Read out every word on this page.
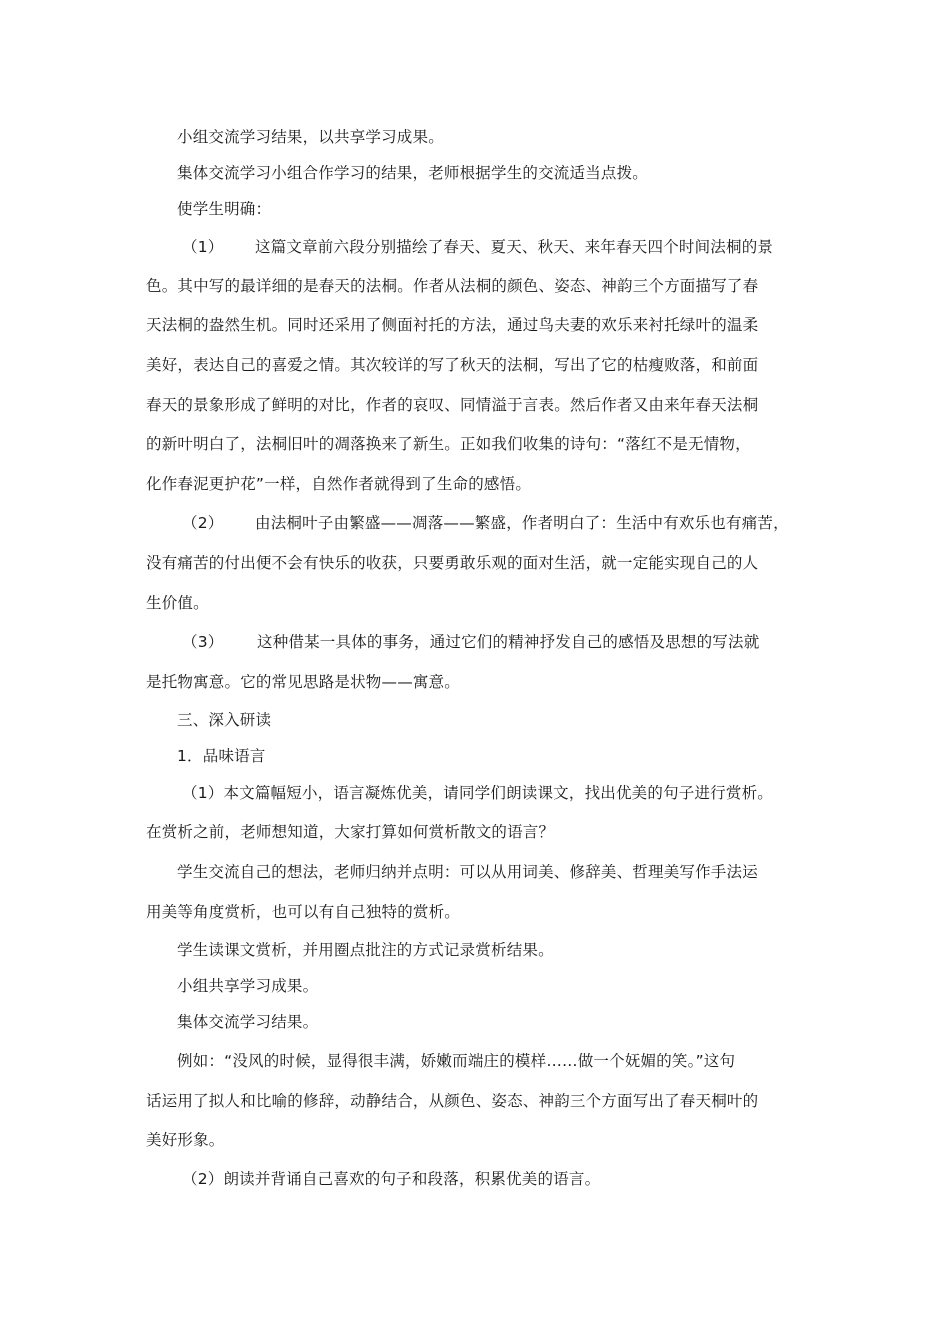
小组交流学习结果，以共享学习成果。
集体交流学习小组合作学习的结果，老师根据学生的交流适当点拨。
使学生明确：
（1） 这篇文章前六段分别描绘了春天、夏天、秋天、来年春天四个时间法桐的景
色。其中写的最详细的是春天的法桐。作者从法桐的颜色、姿态、神韵三个方面描写了春
天法桐的盎然生机。同时还采用了侧面衬托的方法，通过鸟夫妻的欢乐来衬托绿叶的温柔
美好，表达自己的喜爱之情。其次较详的写了秋天的法桐，写出了它的枯瘦败落，和前面
春天的景象形成了鲜明的对比，作者的哀叹、同情溢于言表。然后作者又由来年春天法桐
的新叶明白了，法桐旧叶的凋落换来了新生。正如我们收集的诗句：“落红不是无情物，
化作春泥更护花”一样，自然作者就得到了生命的感悟。
（2） 由法桐叶子由繁盛——凋落——繁盛，作者明白了：生活中有欢乐也有痛苦，
没有痛苦的付出便不会有快乐的收获，只要勇敢乐观的面对生活，就一定能实现自己的人
生价值。
（3） 这种借某一具体的事务，通过它们的精神抒发自己的感悟及思想的写法就
是托物寓意。它的常见思路是状物——寓意。
三、深入研读
1．品味语言
（1）本文篇幅短小，语言凝炼优美，请同学们朗读课文，找出优美的句子进行赏析。
在赏析之前，老师想知道，大家打算如何赏析散文的语言？
学生交流自己的想法，老师归纳并点明：可以从用词美、修辞美、哲理美写作手法运
用美等角度赏析，也可以有自己独特的赏析。
学生读课文赏析，并用圈点批注的方式记录赏析结果。
小组共享学习成果。
集体交流学习结果。
例如：“没风的时候，显得很丰满，娇嫩而端庄的模样……做一个妩媚的笑。”这句
话运用了拟人和比喻的修辞，动静结合，从颜色、姿态、神韵三个方面写出了春天桐叶的
美好形象。
（2）朗读并背诵自己喜欢的句子和段落，积累优美的语言。
